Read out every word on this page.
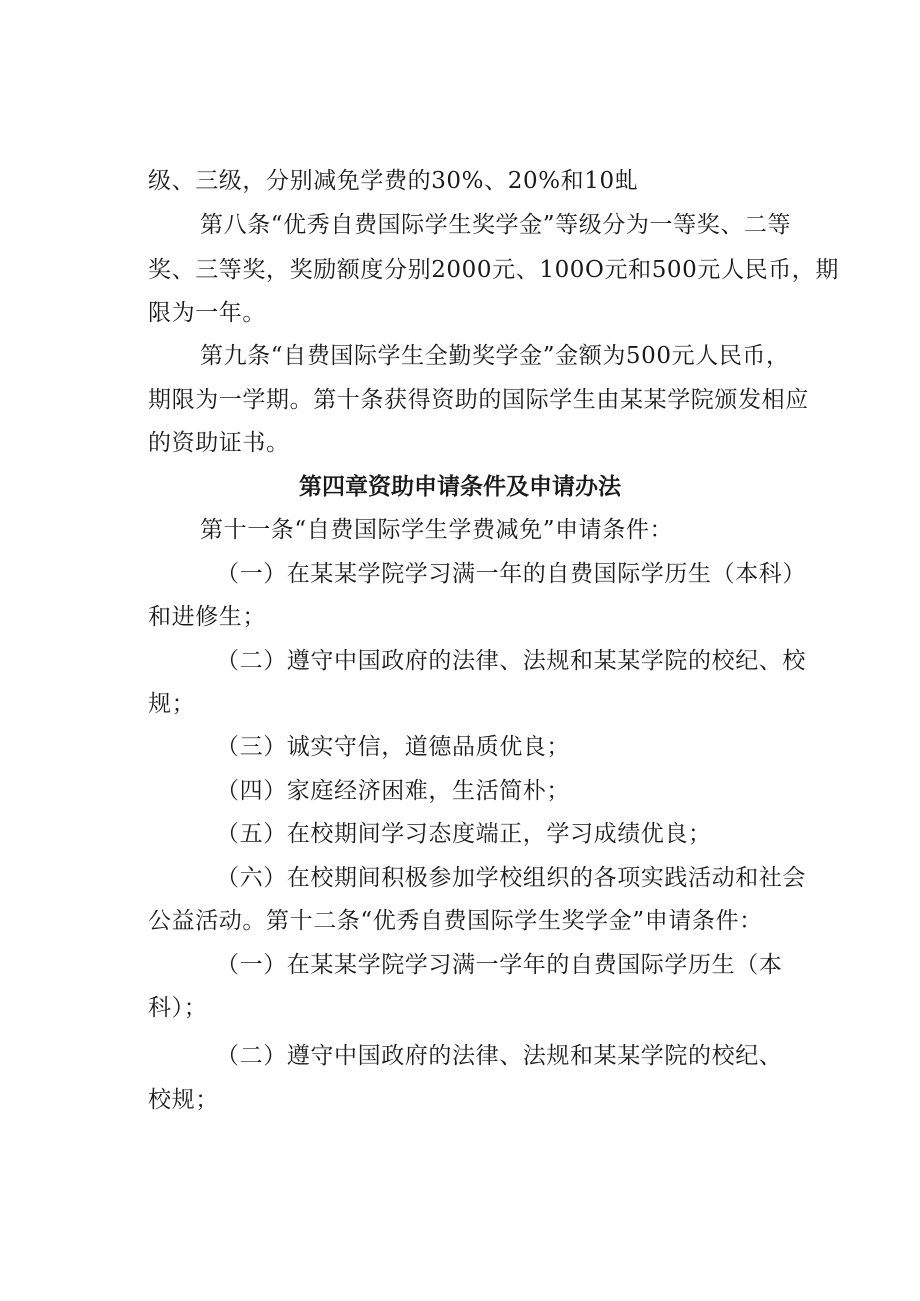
级、三级，分别减免学费的30%、20%和10虬
第八条“优秀自费国际学生奖学金”等级分为一等奖、二等
奖、三等奖，奖励额度分别2000元、100O元和500元人民币，期
限为一年。
第九条“自费国际学生全勤奖学金”金额为500元人民币，
期限为一学期。第十条获得资助的国际学生由某某学院颁发相应
的资助证书。
第四章资助申请条件及申请办法
第十一条“自费国际学生学费减免”申请条件：
（一）在某某学院学习满一年的自费国际学历生（本科）
和进修生；
（二）遵守中国政府的法律、法规和某某学院的校纪、校
规；
（三）诚实守信，道德品质优良；
（四）家庭经济困难，生活简朴；
（五）在校期间学习态度端正，学习成绩优良；
（六）在校期间积极参加学校组织的各项实践活动和社会
公益活动。第十二条“优秀自费国际学生奖学金”申请条件：
（一）在某某学院学习满一学年的自费国际学历生（本
科）；
（二）遵守中国政府的法律、法规和某某学院的校纪、
校规；
